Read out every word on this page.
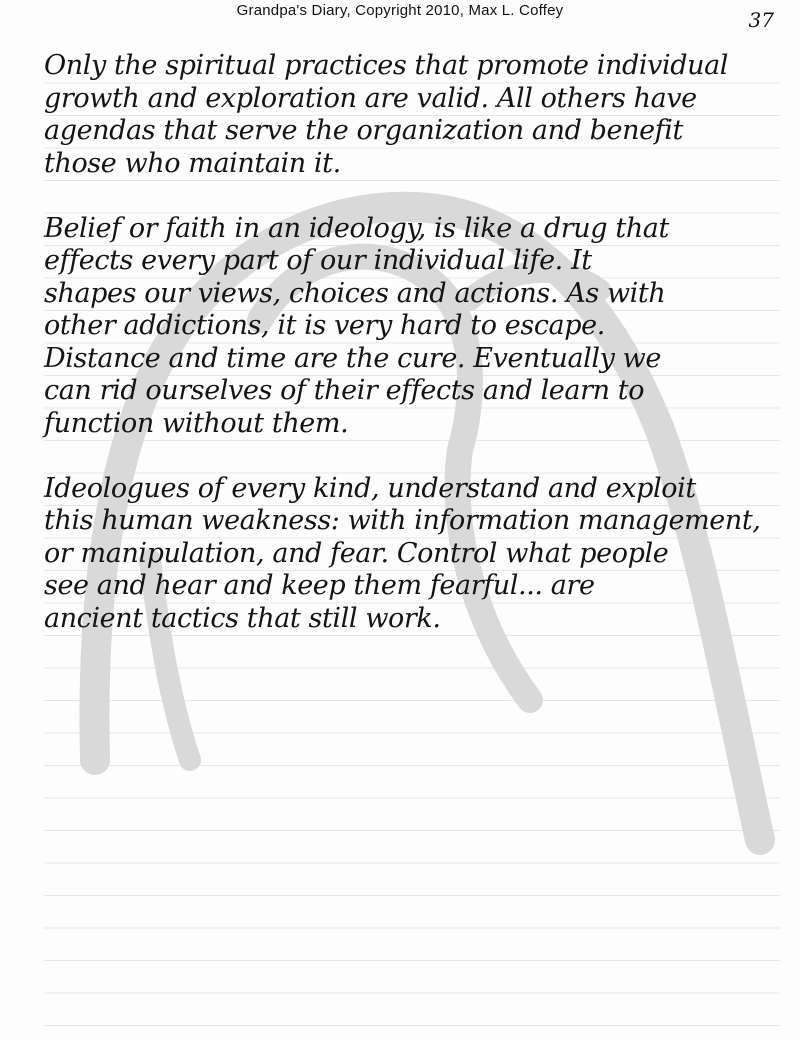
Grandpa's Diary, Copyright 2010, Max L. Coffey	37
Only the spiritual practices that promote individual
growth and exploration are valid. All others have
agendas that serve the organization and benefit
those who maintain it.
Belief or faith in an ideology, is like a drug that
effects every part of our individual life. It
shapes our views, choices and actions. As with
other addictions, it is very hard to escape.
Distance and time are the cure. Eventually we
can rid ourselves of their effects and learn to
function without them.
Ideologues of every kind, understand and exploit
this human weakness: with information management,
or manipulation, and fear. Control what people
see and hear and keep them fearful... are
ancient tactics that still work.
